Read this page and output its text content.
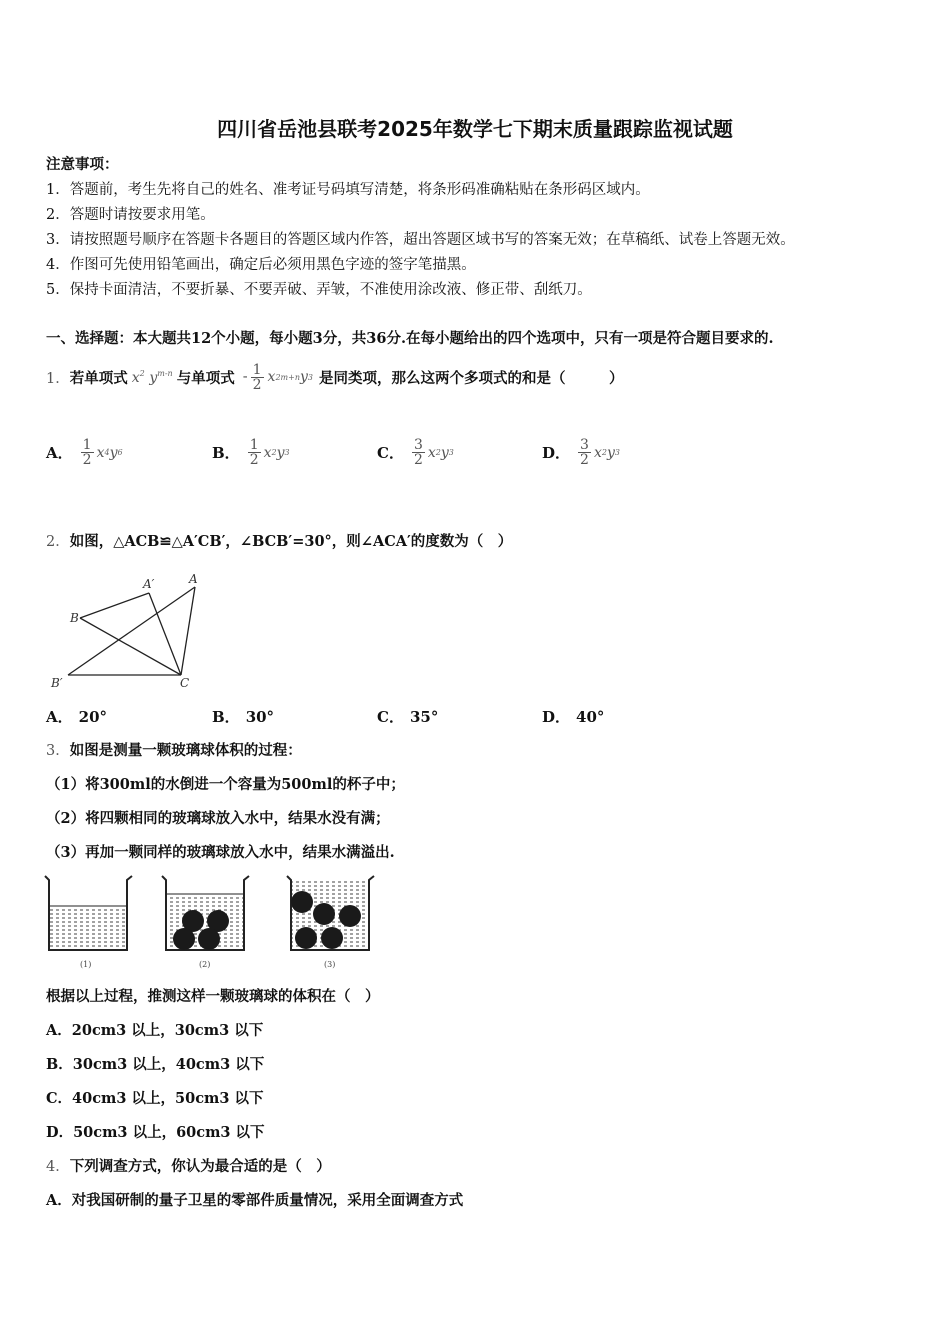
四川省岳池县联考2025年数学七下期末质量跟踪监视试题
注意事项：
1．答题前，考生先将自己的姓名、准考证号码填写清楚，将条形码准确粘贴在条形码区域内。
2．答题时请按要求用笔。
3．请按照题号顺序在答题卡各题目的答题区域内作答，超出答题区域书写的答案无效；在草稿纸、试卷上答题无效。
4．作图可先使用铅笔画出，确定后必须用黑色字迹的签字笔描黑。
5．保持卡面清洁，不要折暴、不要弄破、弄皱，不准使用涂改液、修正带、刮纸刀。
一、选择题：本大题共12个小题，每小题3分，共36分.在每小题给出的四个选项中，只有一项是符合题目要求的.
1． 若单项式 $x^2$ $y^{m-n}$ 与单项式 - $\frac{1}{2}$ x 2m+n y 3 是同类项，那么这两个多项式的和是（　　　）
A． $\frac{1}{2}$ x 4 y 6	B． $\frac{1}{2}$ x 2 y 3	C． $\frac{3}{2}$ x 2 y 3	D． $\frac{3}{2}$ x 2 y 3
2．如图，△ACB≌△A′CB′，∠BCB′=30°，则∠ACA′的度数为（　）
A′	A
B
B′	C
A． 20°	B． 30°	C． 35°	D． 40°
3．如图是测量一颗玻璃球体积的过程：
（1）将300ml的水倒进一个容量为500ml的杯子中；
（2）将四颗相同的玻璃球放入水中，结果水没有满；
（3）再加一颗同样的玻璃球放入水中，结果水满溢出.
(1)	(2)	(3)
根据以上过程，推测这样一颗玻璃球的体积在（　）
A．20cm3 以上，30cm3 以下
B．30cm3 以上，40cm3 以下
C．40cm3 以上，50cm3 以下
D．50cm3 以上，60cm3 以下
4．下列调查方式，你认为最合适的是（　）
A．对我国研制的量子卫星的零部件质量情况，采用全面调查方式
